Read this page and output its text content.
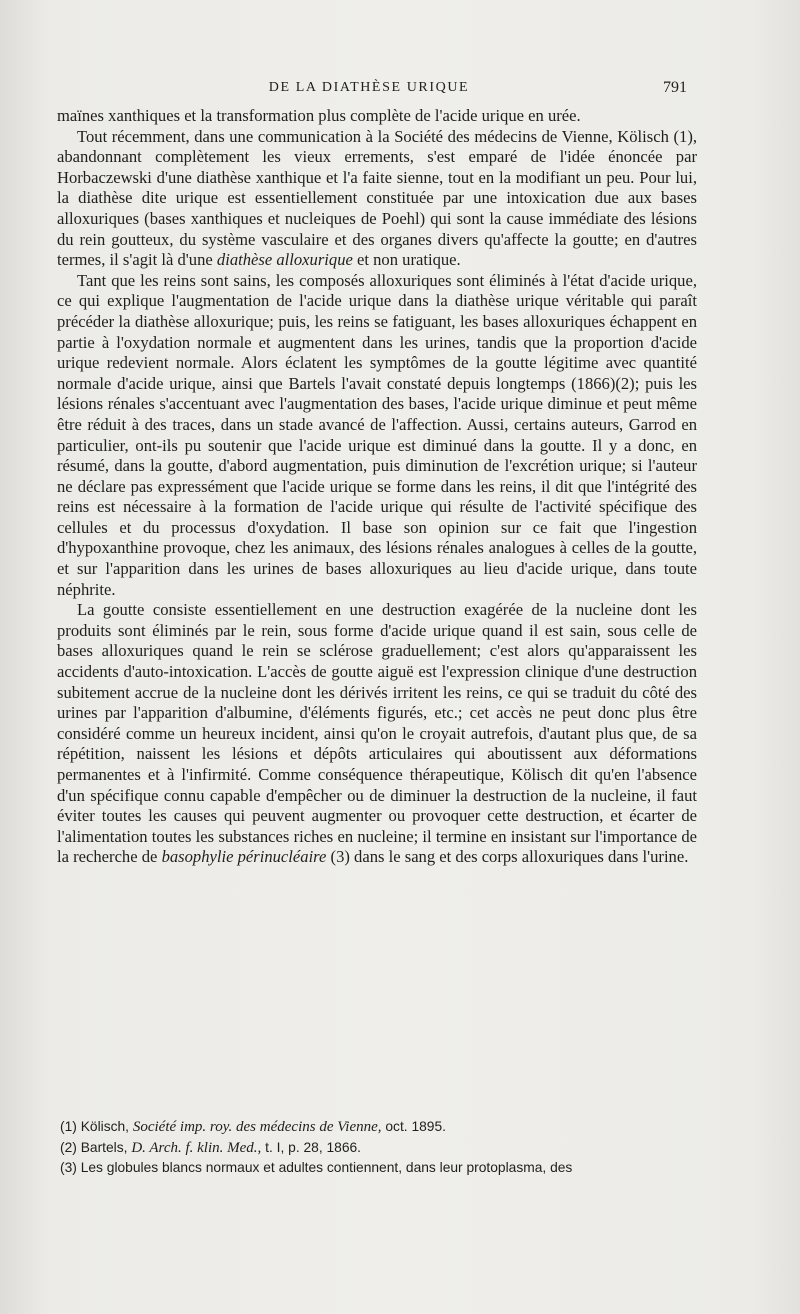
DE LA DIATHÈSE URIQUE	791

maïnes xanthiques et la transformation plus complète de l'acide urique en urée.

Tout récemment, dans une communication à la Société des médecins de Vienne, Kölisch (1), abandonnant complètement les vieux errements, s'est emparé de l'idée énoncée par Horbaczewski d'une diathèse xanthique et l'a faite sienne, tout en la modifiant un peu. Pour lui, la diathèse dite urique est essentiellement constituée par une intoxication due aux bases alloxuriques (bases xanthiques et nucleiques de Poehl) qui sont la cause immédiate des lésions du rein goutteux, du système vasculaire et des organes divers qu'affecte la goutte; en d'autres termes, il s'agit là d'une diathèse alloxurique et non uratique.

Tant que les reins sont sains, les composés alloxuriques sont éliminés à l'état d'acide urique, ce qui explique l'augmentation de l'acide urique dans la diathèse urique véritable qui paraît précéder la diathèse alloxurique; puis, les reins se fatiguant, les bases alloxuriques échappent en partie à l'oxydation normale et augmentent dans les urines, tandis que la proportion d'acide urique redevient normale. Alors éclatent les symptômes de la goutte légitime avec quantité normale d'acide urique, ainsi que Bartels l'avait constaté depuis longtemps (1866)(2); puis les lésions rénales s'accentuant avec l'augmentation des bases, l'acide urique diminue et peut même être réduit à des traces, dans un stade avancé de l'affection. Aussi, certains auteurs, Garrod en particulier, ont-ils pu soutenir que l'acide urique est diminué dans la goutte. Il y a donc, en résumé, dans la goutte, d'abord augmentation, puis diminution de l'excrétion urique; si l'auteur ne déclare pas expressément que l'acide urique se forme dans les reins, il dit que l'intégrité des reins est nécessaire à la formation de l'acide urique qui résulte de l'activité spécifique des cellules et du processus d'oxydation. Il base son opinion sur ce fait que l'ingestion d'hypoxanthine provoque, chez les animaux, des lésions rénales analogues à celles de la goutte, et sur l'apparition dans les urines de bases alloxuriques au lieu d'acide urique, dans toute néphrite.

La goutte consiste essentiellement en une destruction exagérée de la nucleine dont les produits sont éliminés par le rein, sous forme d'acide urique quand il est sain, sous celle de bases alloxuriques quand le rein se sclérose graduellement; c'est alors qu'apparaissent les accidents d'auto-intoxication. L'accès de goutte aiguë est l'expression clinique d'une destruction subitement accrue de la nucleine dont les dérivés irritent les reins, ce qui se traduit du côté des urines par l'apparition d'albumine, d'éléments figurés, etc.; cet accès ne peut donc plus être considéré comme un heureux incident, ainsi qu'on le croyait autrefois, d'autant plus que, de sa répétition, naissent les lésions et dépôts articulaires qui aboutissent aux déformations permanentes et à l'infirmité. Comme conséquence thérapeutique, Kölisch dit qu'en l'absence d'un spécifique connu capable d'empêcher ou de diminuer la destruction de la nucleine, il faut éviter toutes les causes qui peuvent augmenter ou provoquer cette destruction, et écarter de l'alimentation toutes les substances riches en nucleine; il termine en insistant sur l'importance de la recherche de basophylie périnucléaire (3) dans le sang et des corps alloxuriques dans l'urine.

(1) Kölisch, Société imp. roy. des médecins de Vienne, oct. 1895.

(2) Bartels, D. Arch. f. klin. Med., t. I, p. 28, 1866.

(3) Les globules blancs normaux et adultes contiennent, dans leur protoplasma, des
